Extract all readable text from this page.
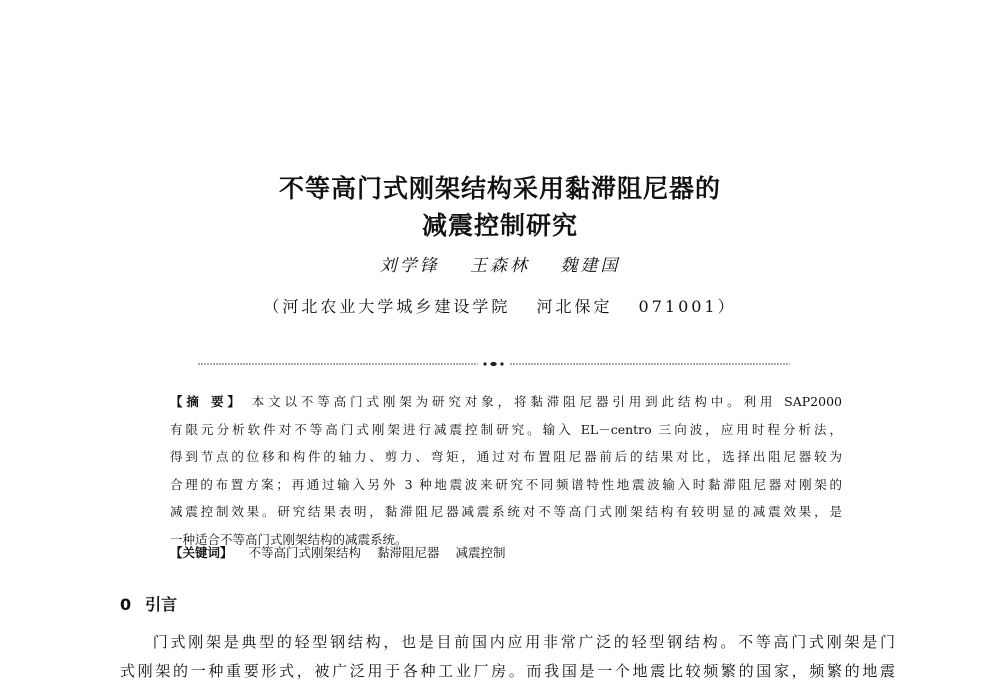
不等高门式刚架结构采用黏滞阻尼器的
减震控制研究
刘学锋 王森林 魏建国
（河北农业大学城乡建设学院 河北保定 071001）
【摘 要】 本文以不等高门式刚架为研究对象，将黏滞阻尼器引用到此结构中。利用 SAP2000
有限元分析软件对不等高门式刚架进行减震控制研究。输入 EL－centro 三向波，应用时程分析法，
得到节点的位移和构件的轴力、剪力、弯矩，通过对布置阻尼器前后的结果对比，选择出阻尼器较为
合理的布置方案；再通过输入另外 3 种地震波来研究不同频谱特性地震波输入时黏滞阻尼器对刚架的
减震控制效果。研究结果表明，黏滞阻尼器减震系统对不等高门式刚架结构有较明显的减震效果，是
一种适合不等高门式刚架结构的减震系统。
【关键词】 不等高门式刚架结构 黏滞阻尼器 减震控制
0 引言
门式刚架是典型的轻型钢结构，也是目前国内应用非常广泛的轻型钢结构。不等高门式刚架是门
式刚架的一种重要形式，被广泛用于各种工业厂房。而我国是一个地震比较频繁的国家，频繁的地震
